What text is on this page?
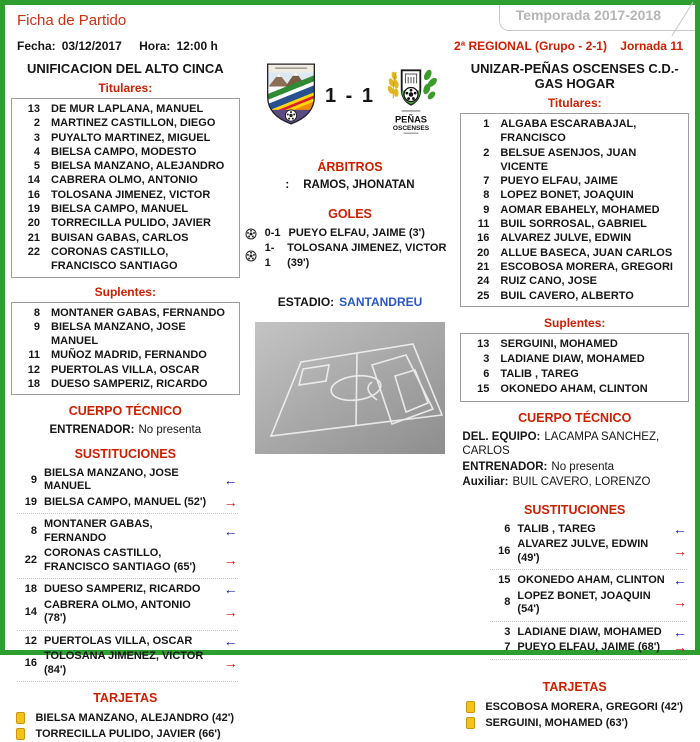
Ficha de Partido	Temporada 2017-2018
Fecha: 03/12/2017 Hora: 12:00 h	2ª REGIONAL (Grupo - 2-1) Jornada 11
UNIFICACION DEL ALTO CINCA
Titulares:
13	DE MUR LAPLANA, MANUEL
2	MARTINEZ CASTILLON, DIEGO
3	PUYALTO MARTINEZ, MIGUEL
4	BIELSA CAMPO, MODESTO
5	BIELSA MANZANO, ALEJANDRO
14	CABRERA OLMO, ANTONIO
16	TOLOSANA JIMENEZ, VICTOR
19	BIELSA CAMPO, MANUEL
20	TORRECILLA PULIDO, JAVIER
21	BUISAN GABAS, CARLOS
22	CORONAS CASTILLO, FRANCISCO SANTIAGO
Suplentes:
8	MONTANER GABAS, FERNANDO
9	BIELSA MANZANO, JOSE MANUEL
11	MUÑOZ MADRID, FERNANDO
12	PUERTOLAS VILLA, OSCAR
18	DUESO SAMPERIZ, RICARDO
CUERPO TÉCNICO
ENTRENADOR: No presenta
SUSTITUCIONES
9
BIELSA MANZANO, JOSE MANUEL	←
19 BIELSA CAMPO, MANUEL (52')	→
8
MONTANER GABAS, FERNANDO	←
22
CORONAS CASTILLO, FRANCISCO SANTIAGO (65')	→
18 DUESO SAMPERIZ, RICARDO	←
14
CABRERA OLMO, ANTONIO (78')	→
12 PUERTOLAS VILLA, OSCAR	←
16
TOLOSANA JIMENEZ, VICTOR (84')	→
TARJETAS
BIELSA MANZANO, ALEJANDRO (42')
TORRECILLA PULIDO, JAVIER (66')
1 - 1
PEÑAS
OSCENSES
ÁRBITROS
: RAMOS, JHONATAN
GOLES
0-1 PUEYO ELFAU, JAIME (3')
1-1
TOLOSANA JIMENEZ, VICTOR (39')
ESTADIO: SANTANDREU
UNIZAR-PEÑAS OSCENSES C.D.-GAS HOGAR
Titulares:
1	ALGABA ESCARABAJAL, FRANCISCO
2	BELSUE ASENJOS, JUAN VICENTE
7	PUEYO ELFAU, JAIME
8	LOPEZ BONET, JOAQUIN
9	AOMAR EBAHELY, MOHAMED
11	BUIL SORROSAL, GABRIEL
16	ALVAREZ JULVE, EDWIN
20	ALLUE BASECA, JUAN CARLOS
21	ESCOBOSA MORERA, GREGORI
24	RUIZ CANO, JOSE
25	BUIL CAVERO, ALBERTO
Suplentes:
13	SERGUINI, MOHAMED
3	LADIANE DIAW, MOHAMED
6	TALIB , TAREG
15	OKONEDO AHAM, CLINTON
CUERPO TÉCNICO
DEL. EQUIPO: LACAMPA SANCHEZ, CARLOS
ENTRENADOR: No presenta
Auxiliar: BUIL CAVERO, LORENZO
SUSTITUCIONES
6 TALIB , TAREG	←
16
ALVAREZ JULVE, EDWIN (49')	→
15 OKONEDO AHAM, CLINTON ←
8
LOPEZ BONET, JOAQUIN (54')	→
3 LADIANE DIAW, MOHAMED ←
7 PUEYO ELFAU, JAIME (68') →
TARJETAS
ESCOBOSA MORERA, GREGORI (42')
SERGUINI, MOHAMED (63')
